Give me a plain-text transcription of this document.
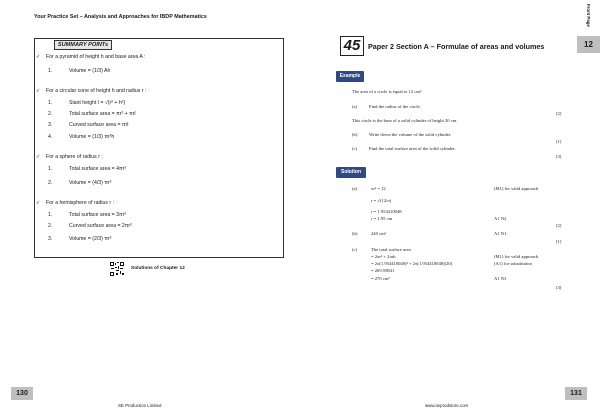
Your Practice Set – Analysis and Approaches for IBDP Mathematics
SUMMARY POINTs
✓ For a pyramid of height h and base area A :
1.	Volume = (1/3) Ah
✓ For a circular cone of height h and radius r :
1.	Slant height l = √(r² + h²)
2.	Total surface area = πr² + πrl
3.	Curved surface area = πrl
4.	Volume = (1/3) πr²h
✓ For a sphere of radius r :
1.	Total surface area = 4πr²
2.	Volume = (4/3) πr³
✓ For a hemisphere of radius r :
1.	Total surface area = 3πr²
2.	Curved surface area = 2πr²
3.	Volume = (2/3) πr³
Solutions of Chapter 12
130
SE Production Limited
Front Page
12
45	Paper 2 Section A – Formulae of areas and volumes
Example
The area of a circle is equal to 12 cm².
(a)	Find the radius of the circle.
[2]
This circle is the base of a solid cylinder of height 20 cm.
(b)	Write down the volume of the solid cylinder.
[1]
(c)	Find the total surface area of the solid cylinder.
[3]
Solution
(a)	πr² = 12	(M1) for valid approach
r = √(12/π)
r = 1.954410048
r = 1.95 cm	A1 N2
[2]
(b)	240 cm³	A1 N1
[1]
(c)	The total surface area
= 2πr² + 2πrh	(M1) for valid approach
= 2π(1.954410048)² + 2π(1.954410048)(20)	(A1) for substitution
= 269.59841
= 270 cm²	A1 N3
[3]
131
www.seprodstore.com
